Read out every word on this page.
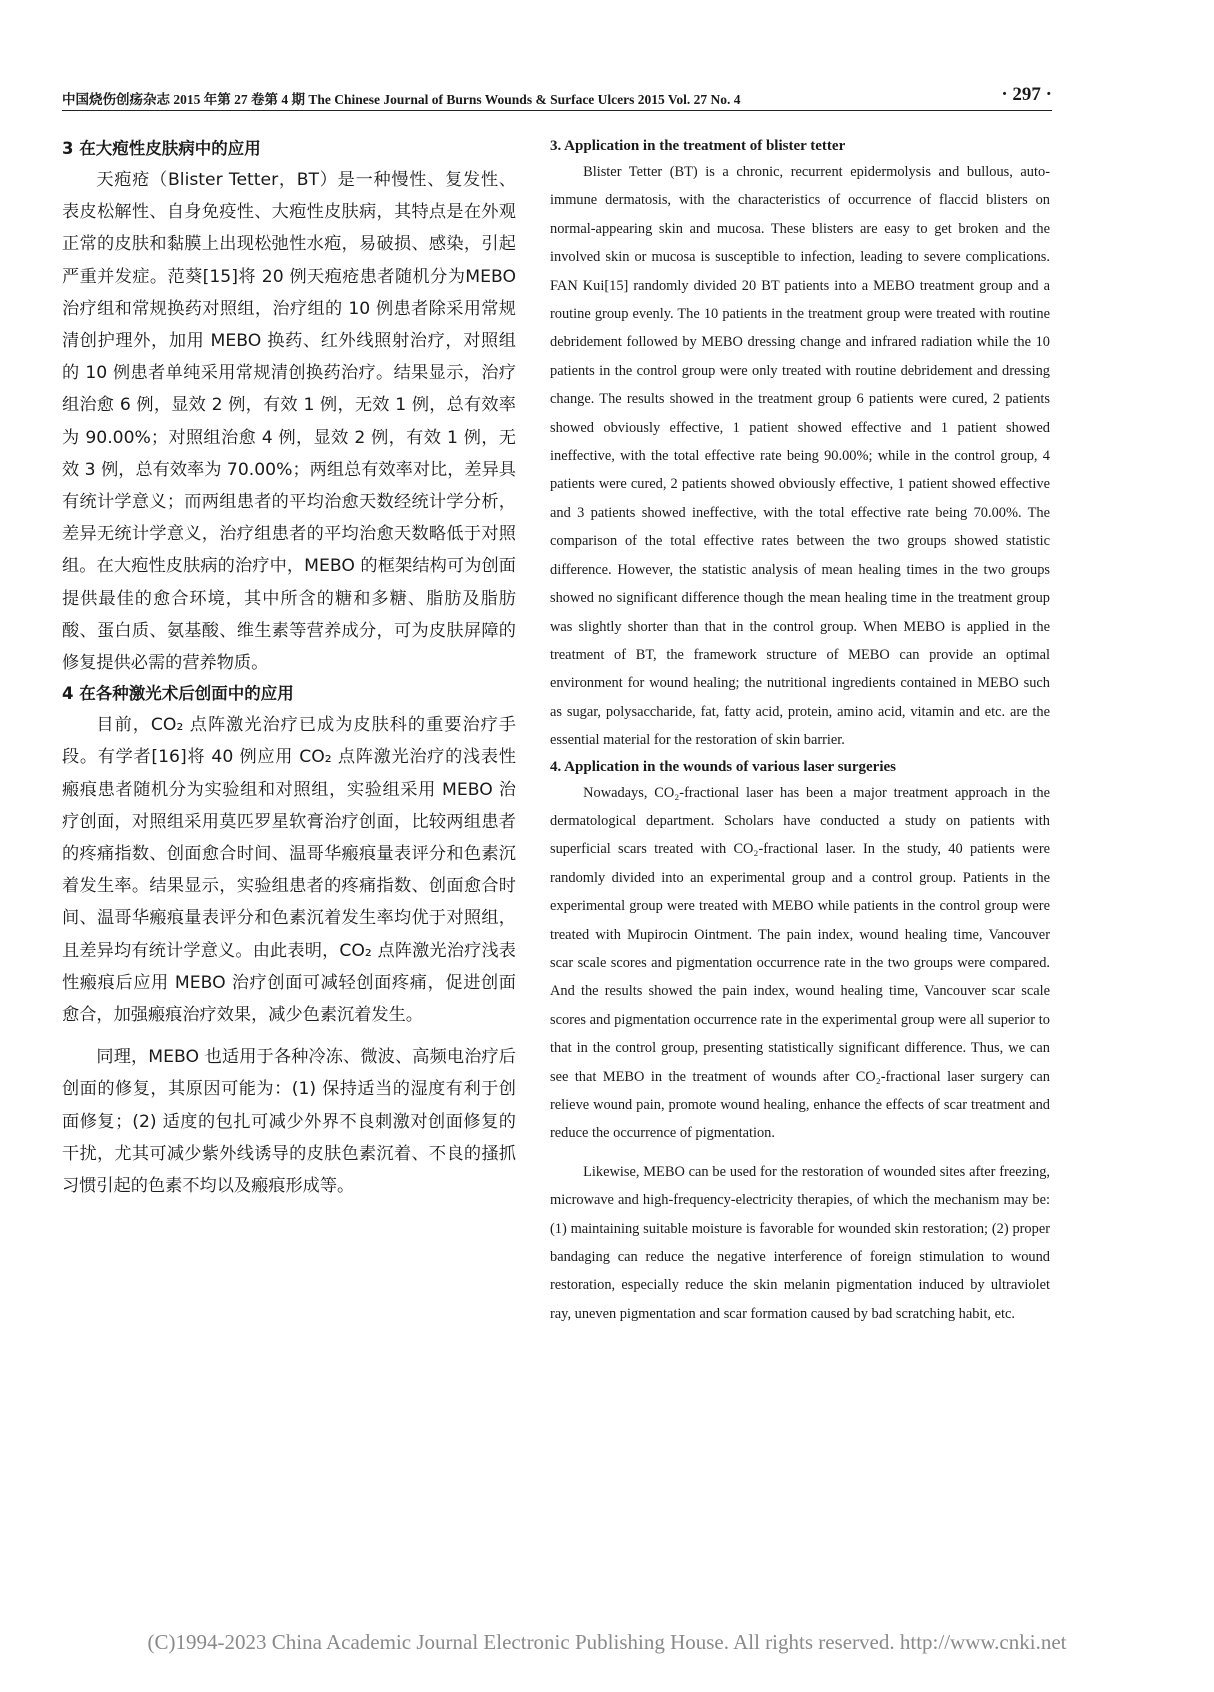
中国烧伤创疡杂志 2015 年第 27 卷第 4 期 The Chinese Journal of Burns Wounds & Surface Ulcers 2015 Vol. 27 No. 4	· 297 ·

3 在大疱性皮肤病中的应用

天疱疮（Blister Tetter，BT）是一种慢性、复发性、表皮松解性、自身免疫性、大疱性皮肤病，其特点是在外观正常的皮肤和黏膜上出现松弛性水疱，易破损、感染，引起严重并发症。范葵[15]将 20 例天疱疮患者随机分为MEBO治疗组和常规换药对照组，治疗组的 10 例患者除采用常规清创护理外，加用 MEBO 换药、红外线照射治疗，对照组的 10 例患者单纯采用常规清创换药治疗。结果显示，治疗组治愈 6 例，显效 2 例，有效 1 例，无效 1 例，总有效率为 90.00%；对照组治愈 4 例，显效 2 例，有效 1 例，无效 3 例，总有效率为 70.00%；两组总有效率对比，差异具有统计学意义；而两组患者的平均治愈天数经统计学分析，差异无统计学意义，治疗组患者的平均治愈天数略低于对照组。在大疱性皮肤病的治疗中，MEBO 的框架结构可为创面提供最佳的愈合环境，其中所含的糖和多糖、脂肪及脂肪酸、蛋白质、氨基酸、维生素等营养成分，可为皮肤屏障的修复提供必需的营养物质。

4 在各种激光术后创面中的应用

目前，CO₂ 点阵激光治疗已成为皮肤科的重要治疗手段。有学者[16]将 40 例应用 CO₂ 点阵激光治疗的浅表性瘢痕患者随机分为实验组和对照组，实验组采用 MEBO 治疗创面，对照组采用莫匹罗星软膏治疗创面，比较两组患者的疼痛指数、创面愈合时间、温哥华瘢痕量表评分和色素沉着发生率。结果显示，实验组患者的疼痛指数、创面愈合时间、温哥华瘢痕量表评分和色素沉着发生率均优于对照组，且差异均有统计学意义。由此表明，CO₂ 点阵激光治疗浅表性瘢痕后应用 MEBO 治疗创面可减轻创面疼痛，促进创面愈合，加强瘢痕治疗效果，减少色素沉着发生。

同理，MEBO 也适用于各种冷冻、微波、高频电治疗后创面的修复，其原因可能为：(1) 保持适当的湿度有利于创面修复；(2) 适度的包扎可减少外界不良刺激对创面修复的干扰，尤其可减少紫外线诱导的皮肤色素沉着、不良的搔抓习惯引起的色素不均以及瘢痕形成等。

3. Application in the treatment of blister tetter

Blister Tetter (BT) is a chronic, recurrent epidermolysis and bullous, auto-immune dermatosis, with the characteristics of occurrence of flaccid blisters on normal-appearing skin and mucosa. These blisters are easy to get broken and the involved skin or mucosa is susceptible to infection, leading to severe complications. FAN Kui[15] randomly divided 20 BT patients into a MEBO treatment group and a routine group evenly. The 10 patients in the treatment group were treated with routine debridement followed by MEBO dressing change and infrared radiation while the 10 patients in the control group were only treated with routine debridement and dressing change. The results showed in the treatment group 6 patients were cured, 2 patients showed obviously effective, 1 patient showed effective and 1 patient showed ineffective, with the total effective rate being 90.00%; while in the control group, 4 patients were cured, 2 patients showed obviously effective, 1 patient showed effective and 3 patients showed ineffective, with the total effective rate being 70.00%. The comparison of the total effective rates between the two groups showed statistic difference. However, the statistic analysis of mean healing times in the two groups showed no significant difference though the mean healing time in the treatment group was slightly shorter than that in the control group. When MEBO is applied in the treatment of BT, the framework structure of MEBO can provide an optimal environment for wound healing; the nutritional ingredients contained in MEBO such as sugar, polysaccharide, fat, fatty acid, protein, amino acid, vitamin and etc. are the essential material for the restoration of skin barrier.

4. Application in the wounds of various laser surgeries

Nowadays, CO₂-fractional laser has been a major treatment approach in the dermatological department. Scholars have conducted a study on patients with superficial scars treated with CO₂-fractional laser. In the study, 40 patients were randomly divided into an experimental group and a control group. Patients in the experimental group were treated with MEBO while patients in the control group were treated with Mupirocin Ointment. The pain index, wound healing time, Vancouver scar scale scores and pigmentation occurrence rate in the two groups were compared. And the results showed the pain index, wound healing time, Vancouver scar scale scores and pigmentation occurrence rate in the experimental group were all superior to that in the control group, presenting statistically significant difference. Thus, we can see that MEBO in the treatment of wounds after CO₂-fractional laser surgery can relieve wound pain, promote wound healing, enhance the effects of scar treatment and reduce the occurrence of pigmentation.

Likewise, MEBO can be used for the restoration of wounded sites after freezing, microwave and high-frequency-electricity therapies, of which the mechanism may be: (1) maintaining suitable moisture is favorable for wounded skin restoration; (2) proper bandaging can reduce the negative interference of foreign stimulation to wound restoration, especially reduce the skin melanin pigmentation induced by ultraviolet ray, uneven pigmentation and scar formation caused by bad scratching habit, etc.

(C)1994-2023 China Academic Journal Electronic Publishing House. All rights reserved. http://www.cnki.net
